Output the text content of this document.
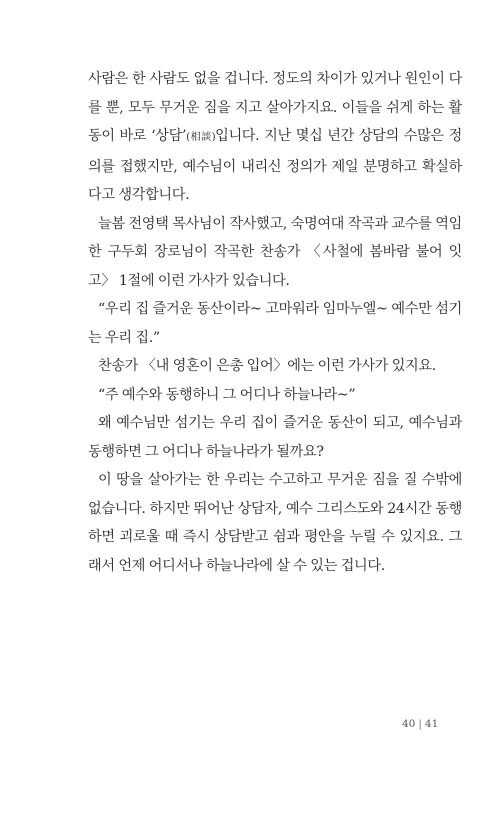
사람은 한 사람도 없을 겁니다. 정도의 차이가 있거나 원인이 다를 뿐, 모두 무거운 짐을 지고 살아가지요. 이들을 쉬게 하는 활동이 바로 ‘상담’(相談)입니다. 지난 몇십 년간 상담의 수많은 정의를 접했지만, 예수님이 내리신 정의가 제일 분명하고 확실하다고 생각합니다.

늘봄 전영택 목사님이 작사했고, 숙명여대 작곡과 교수를 역임한 구두회 장로님이 작곡한 찬송가 〈사철에 봄바람 불어 잇고〉 1절에 이런 가사가 있습니다.

“우리 집 즐거운 동산이라~ 고마워라 임마누엘~ 예수만 섬기는 우리 집.”

찬송가 〈내 영혼이 은총 입어〉에는 이런 가사가 있지요.

“주 예수와 동행하니 그 어디나 하늘나라~”

왜 예수님만 섬기는 우리 집이 즐거운 동산이 되고, 예수님과 동행하면 그 어디나 하늘나라가 될까요?

이 땅을 살아가는 한 우리는 수고하고 무거운 짐을 질 수밖에 없습니다. 하지만 뛰어난 상담자, 예수 그리스도와 24시간 동행하면 괴로울 때 즉시 상담받고 쉼과 평안을 누릴 수 있지요. 그래서 언제 어디서나 하늘나라에 살 수 있는 겁니다.

40 | 41
